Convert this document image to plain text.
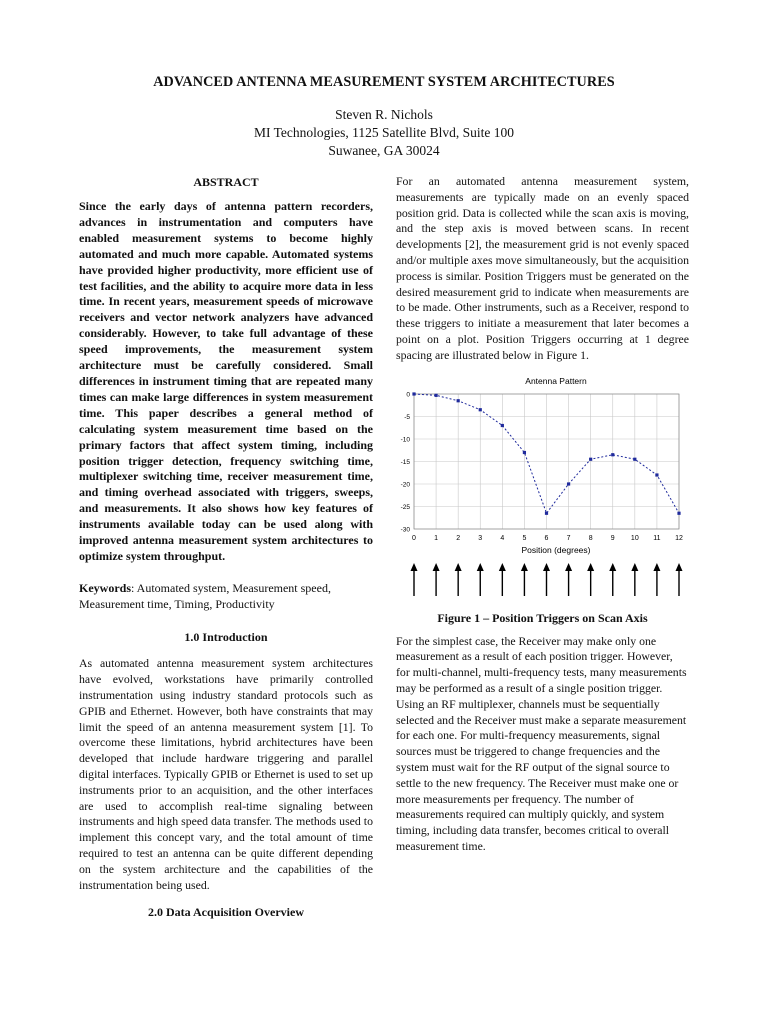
ADVANCED ANTENNA MEASUREMENT SYSTEM ARCHITECTURES
Steven R. Nichols
MI Technologies, 1125 Satellite Blvd, Suite 100
Suwanee, GA 30024
ABSTRACT
Since the early days of antenna pattern recorders, advances in instrumentation and computers have enabled measurement systems to become highly automated and much more capable. Automated systems have provided higher productivity, more efficient use of test facilities, and the ability to acquire more data in less time. In recent years, measurement speeds of microwave receivers and vector network analyzers have advanced considerably. However, to take full advantage of these speed improvements, the measurement system architecture must be carefully considered. Small differences in instrument timing that are repeated many times can make large differences in system measurement time. This paper describes a general method of calculating system measurement time based on the primary factors that affect system timing, including position trigger detection, frequency switching time, multiplexer switching time, receiver measurement time, and timing overhead associated with triggers, sweeps, and measurements. It also shows how key features of instruments available today can be used along with improved antenna measurement system architectures to optimize system throughput.
Keywords: Automated system, Measurement speed, Measurement time, Timing, Productivity
1.0 Introduction
As automated antenna measurement system architectures have evolved, workstations have primarily controlled instrumentation using industry standard protocols such as GPIB and Ethernet. However, both have constraints that may limit the speed of an antenna measurement system [1]. To overcome these limitations, hybrid architectures have been developed that include hardware triggering and parallel digital interfaces. Typically GPIB or Ethernet is used to set up instruments prior to an acquisition, and the other interfaces are used to accomplish real-time signaling between instruments and high speed data transfer. The methods used to implement this concept vary, and the total amount of time required to test an antenna can be quite different depending on the system architecture and the capabilities of the instrumentation being used.
2.0 Data Acquisition Overview
For an automated antenna measurement system, measurements are typically made on an evenly spaced position grid. Data is collected while the scan axis is moving, and the step axis is moved between scans. In recent developments [2], the measurement grid is not evenly spaced and/or multiple axes move simultaneously, but the acquisition process is similar. Position Triggers must be generated on the desired measurement grid to indicate when measurements are to be made. Other instruments, such as a Receiver, respond to these triggers to initiate a measurement that later becomes a point on a plot. Position Triggers occurring at 1 degree spacing are illustrated below in Figure 1.
Antenna Pattern
0	1	2	3	4	5	6	7	8	9 10 11 12
0
-5
-10
-15
-20
-25
-30
Position (degrees)
Figure 1 – Position Triggers on Scan Axis
For the simplest case, the Receiver may make only one measurement as a result of each position trigger. However, for multi-channel, multi-frequency tests, many measurements may be performed as a result of a single position trigger. Using an RF multiplexer, channels must be sequentially selected and the Receiver must make a separate measurement for each one. For multi-frequency measurements, signal sources must be triggered to change frequencies and the system must wait for the RF output of the signal source to settle to the new frequency. The Receiver must make one or more measurements per frequency. The number of measurements required can multiply quickly, and system timing, including data transfer, becomes critical to overall measurement time.
